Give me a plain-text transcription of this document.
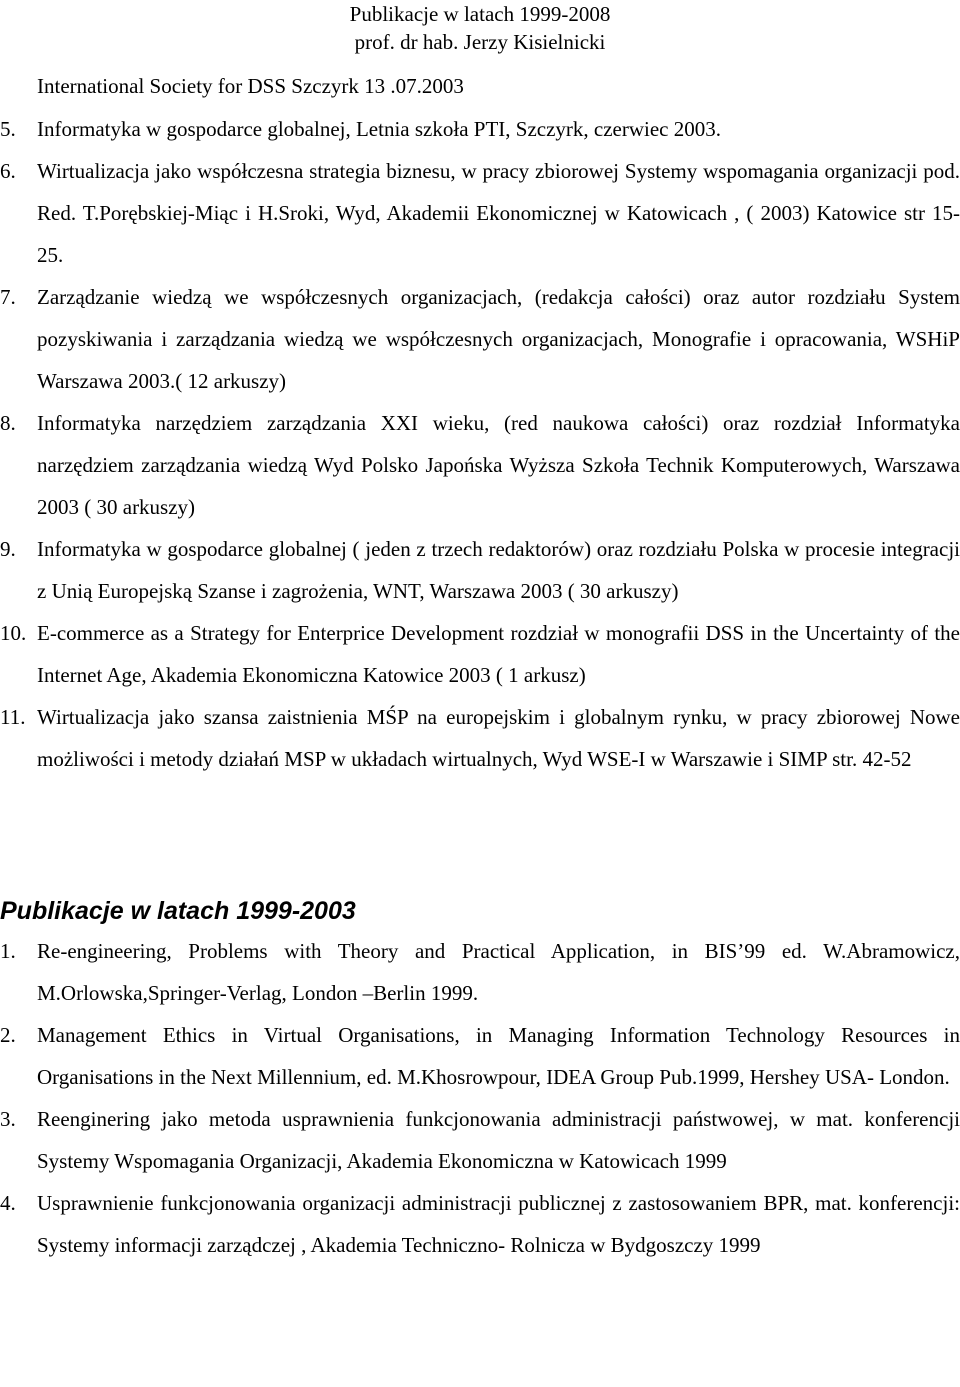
Publikacje w latach 1999-2008
prof. dr hab. Jerzy Kisielnicki
International Society for DSS Szczyrk 13 .07.2003
5. Informatyka w gospodarce globalnej, Letnia szkoła PTI, Szczyrk, czerwiec 2003.
6. Wirtualizacja jako współczesna strategia biznesu, w pracy zbiorowej Systemy wspomagania organizacji pod. Red. T.Porębskiej-Miąc i H.Sroki, Wyd, Akademii Ekonomicznej w Katowicach , ( 2003) Katowice str 15-25.
7. Zarządzanie wiedzą we współczesnych organizacjach, (redakcja całości) oraz autor rozdziału System pozyskiwania i zarządzania wiedzą we współczesnych organizacjach, Monografie i opracowania, WSHiP Warszawa 2003.( 12 arkuszy)
8. Informatyka narzędziem zarządzania XXI wieku, (red naukowa całości) oraz rozdział Informatyka narzędziem zarządzania wiedzą Wyd Polsko Japońska Wyższa Szkoła Technik Komputerowych, Warszawa 2003 ( 30 arkuszy)
9. Informatyka w gospodarce globalnej ( jeden z trzech redaktorów) oraz rozdziału Polska w procesie integracji z Unią Europejską Szanse i zagrożenia, WNT, Warszawa 2003 ( 30 arkuszy)
10. E-commerce as a Strategy for Enterprice Development rozdział w monografii DSS in the Uncertainty of the Internet Age, Akademia Ekonomiczna Katowice 2003 ( 1 arkusz)
11. Wirtualizacja jako szansa zaistnienia MŚP na europejskim i globalnym rynku, w pracy zbiorowej Nowe możliwości i metody działań MSP w układach wirtualnych, Wyd WSE-I w Warszawie i SIMP str. 42-52
Publikacje w latach 1999-2003
1. Re-engineering, Problems with Theory and Practical Application, in BIS’99 ed. W.Abramowicz, M.Orlowska,Springer-Verlag, London –Berlin 1999.
2. Management Ethics in Virtual Organisations, in Managing Information Technology Resources in Organisations in the Next Millennium, ed. M.Khosrowpour, IDEA Group Pub.1999, Hershey USA- London.
3. Reenginering jako metoda usprawnienia funkcjonowania administracji państwowej, w mat. konferencji Systemy Wspomagania Organizacji, Akademia Ekonomiczna w Katowicach 1999
4. Usprawnienie funkcjonowania organizacji administracji publicznej z zastosowaniem BPR, mat. konferencji: Systemy informacji zarządczej , Akademia Techniczno- Rolnicza w Bydgoszczy 1999
